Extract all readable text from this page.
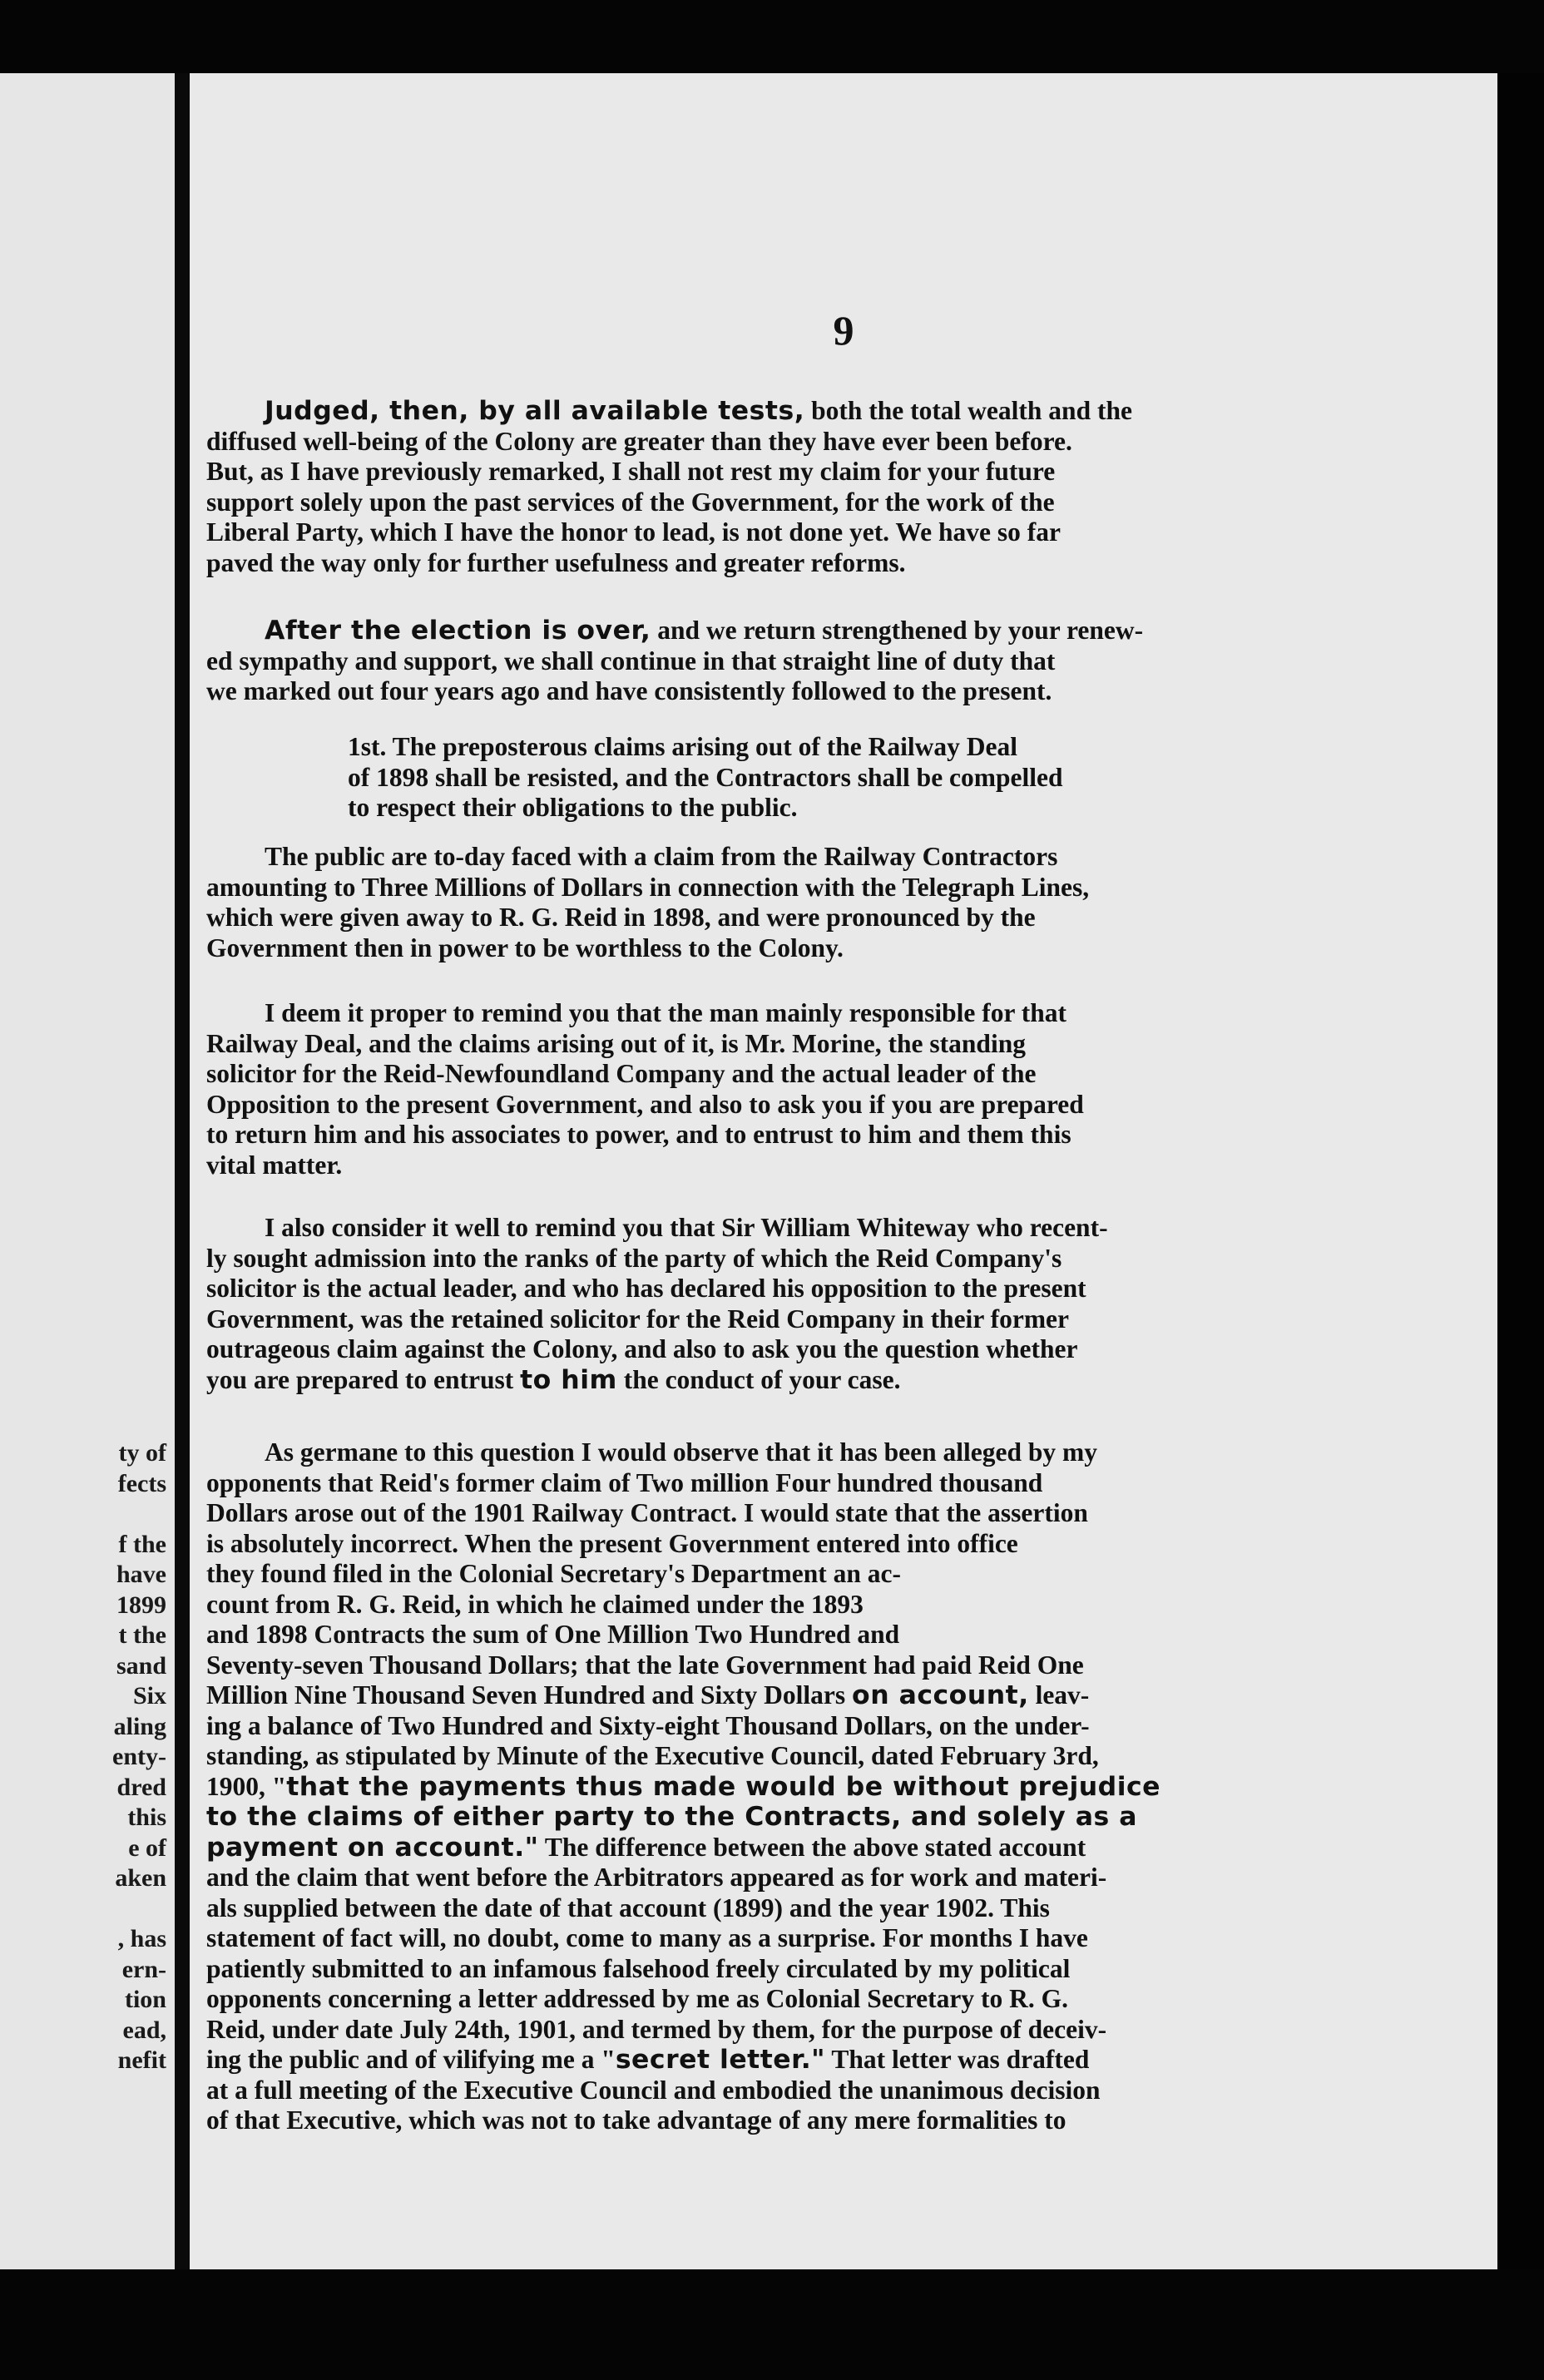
ty of
fects
f the
have
1899
t the
sand
Six
aling
enty-
dred
this
e of
aken
, has
ern-
tion
ead,
nefit
9
Judged, then, by all available tests, both the total wealth and the
diffused well-being of the Colony are greater than they have ever been before.
But, as I have previously remarked, I shall not rest my claim for your future
support solely upon the past services of the Government, for the work of the
Liberal Party, which I have the honor to lead, is not done yet. We have so far
paved the way only for further usefulness and greater reforms.
After the election is over, and we return strengthened by your renew-
ed sympathy and support, we shall continue in that straight line of duty that
we marked out four years ago and have consistently followed to the present.
1st. The preposterous claims arising out of the Railway Deal
of 1898 shall be resisted, and the Contractors shall be compelled
to respect their obligations to the public.
The public are to-day faced with a claim from the Railway Contractors
amounting to Three Millions of Dollars in connection with the Telegraph Lines,
which were given away to R. G. Reid in 1898, and were pronounced by the
Government then in power to be worthless to the Colony.
I deem it proper to remind you that the man mainly responsible for that
Railway Deal, and the claims arising out of it, is Mr. Morine, the standing
solicitor for the Reid-Newfoundland Company and the actual leader of the
Opposition to the present Government, and also to ask you if you are prepared
to return him and his associates to power, and to entrust to him and them this
vital matter.
I also consider it well to remind you that Sir William Whiteway who recent-
ly sought admission into the ranks of the party of which the Reid Company's
solicitor is the actual leader, and who has declared his opposition to the present
Government, was the retained solicitor for the Reid Company in their former
outrageous claim against the Colony, and also to ask you the question whether
you are prepared to entrust to him the conduct of your case.
As germane to this question I would observe that it has been alleged by my
opponents that Reid's former claim of Two million Four hundred thousand
Dollars arose out of the 1901 Railway Contract. I would state that the assertion
is absolutely incorrect. When the present Government entered into office
they found filed in the Colonial Secretary's Department an ac-
count from R. G. Reid, in which he claimed under the 1893
and 1898 Contracts the sum of One Million Two Hundred and
Seventy-seven Thousand Dollars; that the late Government had paid Reid One
Million Nine Thousand Seven Hundred and Sixty Dollars on account, leav-
ing a balance of Two Hundred and Sixty-eight Thousand Dollars, on the under-
standing, as stipulated by Minute of the Executive Council, dated February 3rd,
1900, "that the payments thus made would be without prejudice
to the claims of either party to the Contracts, and solely as a
payment on account." The difference between the above stated account
and the claim that went before the Arbitrators appeared as for work and materi-
als supplied between the date of that account (1899) and the year 1902. This
statement of fact will, no doubt, come to many as a surprise. For months I have
patiently submitted to an infamous falsehood freely circulated by my political
opponents concerning a letter addressed by me as Colonial Secretary to R. G.
Reid, under date July 24th, 1901, and termed by them, for the purpose of deceiv-
ing the public and of vilifying me a "secret letter." That letter was drafted
at a full meeting of the Executive Council and embodied the unanimous decision
of that Executive, which was not to take advantage of any mere formalities to
